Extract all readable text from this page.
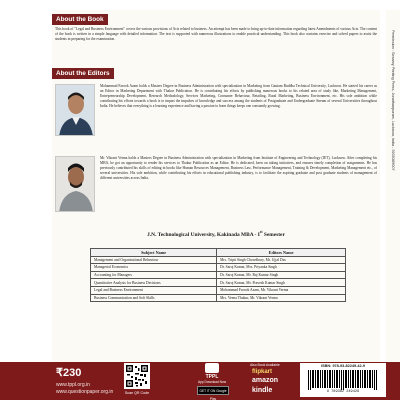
About the Book
This book of "Legal and Business Environment" covers the various provisions of Acts related to business. An attempt has been made to bring up-to-date information regarding latest Amendments of various Acts. The content of the book is written in a simple language with detailed information. The text is supported with numerous illustrations to enable practical understanding. This book also contains exercise and solved papers to assist the students in preparing for the examination.
About the Editors
Mohammad Farook Azam holds a Masters Degree in Business Administration with specialization in Marketing from Gautam Buddha Technical University, Lucknow. He started his career as an Editor in Marketing Department with Thakur Publication. He is contributing his efforts by publishing numerous books to his related area of study like, Marketing Management, Entrepreneurship Development, Research Methodology, Services Marketing, Consumer Behaviour, Retailing, Rural Marketing, Business Environment, etc. His sole ambition while contributing his efforts towards a book is to impart the impulses of knowledge and success among the students of Postgraduate and Undergraduate Stream of several Universities throughout India. He believes that everything is a learning experience and having a passion to learn things keeps one constantly growing.
Mr. Vikrant Verma holds a Masters Degree in Business Administration with specialization in Marketing from Institute of Engineering and Technology (IET), Lucknow. After completing his MBA, he got an opportunity to render his services to Thakur Publication as an Editor. He is dedicated, keen on taking initiatives, and ensures timely completion of assignments. He has previously contributed his skills of editing in books like Human Resources Management, Business Law, Performance Management, Training & Development, Marketing Management etc., of several universities. His sole ambition, while contributing his efforts in educational publishing industry, is to facilitate the aspiring graduate and post graduate students of management of different universities across India.
J.N. Technological University, Kakinada MBA - Ist Semester
Subject Name	Editors Name
Management and Organisational Behaviour	Mrs. Tripti Singh Chowdhury, Mr. Ujjal Das
Managerial Economics	Dr. Saroj Kumar, Mrs. Priyanka Singh
Accounting for Managers	Dr. Saroj Kumar, Mr. Raj Kumar Singh
Quantitative Analysis for Business Decisions	Dr. Saroj Kumar, Mr. Pravesh Kumar Singh
Legal and Business Environment	Mohammad Farook Azam, Mr. Vikrant Verma
Business Communication and Soft Skills	Mrs. Veena Thakur, Mr. Vikrant Verma
Permission : Sesamy Printing Press, Jonathanpuram, Lucknow, India - 9205389007
₹230
www.tppl.org.in
www.questionpaper.org.in	Scan QR Code
TPPL
App Download Now
GET IT ON Google Play
Also Book Available
flipkart
amazon
kindle
ISBN: 978-93-82249-42-9
9 789382 249429
